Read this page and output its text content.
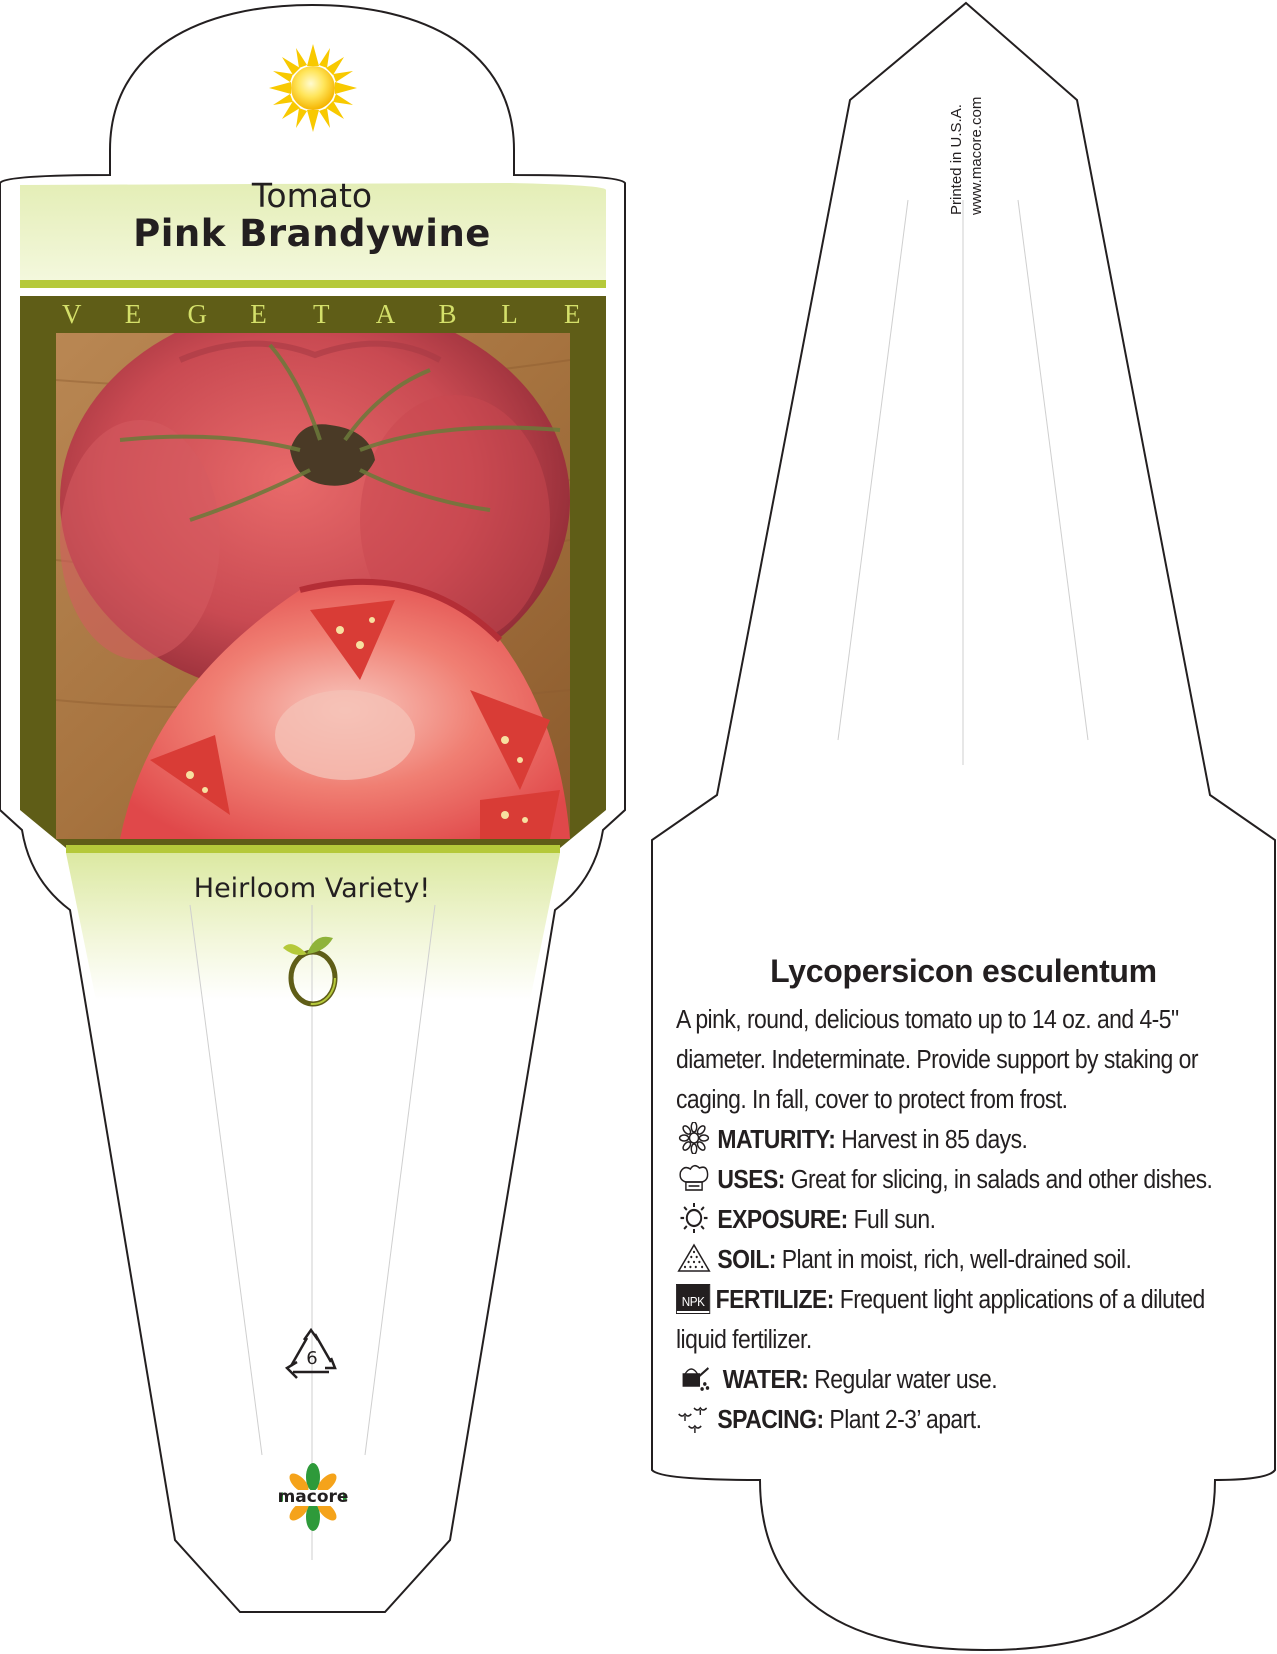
Tomato
Pink Brandywine
V E G E T A B L E
Heirloom Variety!
6
macore
Printed in U.S.A. www.macore.com
Lycopersicon esculentum
A pink, round, delicious tomato up to 14 oz. and 4-5" diameter. Indeterminate. Provide support by staking or caging. In fall, cover to protect from frost.
MATURITY: Harvest in 85 days.
USES: Great for slicing, in salads and other dishes.
EXPOSURE: Full sun.
SOIL: Plant in moist, rich, well-drained soil.
NPK FERTILIZE: Frequent light applications of a diluted liquid fertilizer.
WATER: Regular water use.
SPACING: Plant 2-3’ apart.
